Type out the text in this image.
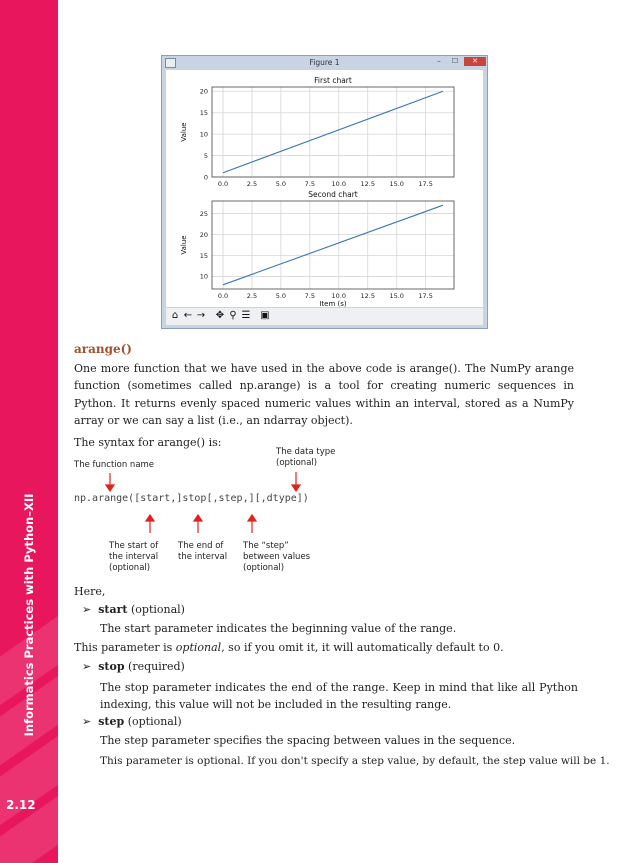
Informatics Practices with Python–XII
2.12
Figure 1	–	☐	✕
0.0	2.5	5.0	7.5	10.0 12.5 15.0 17.5
0
5
10
15
20
First chart
Value
0.0	2.5	5.0	7.5	10.0 12.5 15.0 17.5
10
15
20
25
Second chart
Value
Item (s)
⌂ ← → ✥ ⚲ ☰ ▣
arange()

One more function that we have used in the above code is arange(). The NumPy arange function (sometimes called np.arange) is a tool for creating numeric sequences in Python. It returns evenly spaced numeric values within an interval, stored as a NumPy array or we can say a list (i.e., an ndarray object).

The syntax for arange() is:
The function name
The data type
(optional)
np.arange([start,]stop[,step,][,dtype])
The start of
the interval
(optional)
The end of
the interval
The “step”
between values
(optional)
Here,
➢ start (optional)
The start parameter indicates the beginning value of the range.
This parameter is optional, so if you omit it, it will automatically default to 0.
➢ stop (required)
The stop parameter indicates the end of the range. Keep in mind that like all Python indexing, this value will not be included in the resulting range.
➢ step (optional)
The step parameter specifies the spacing between values in the sequence.
This parameter is optional. If you don't specify a step value, by default, the step value will be 1.
